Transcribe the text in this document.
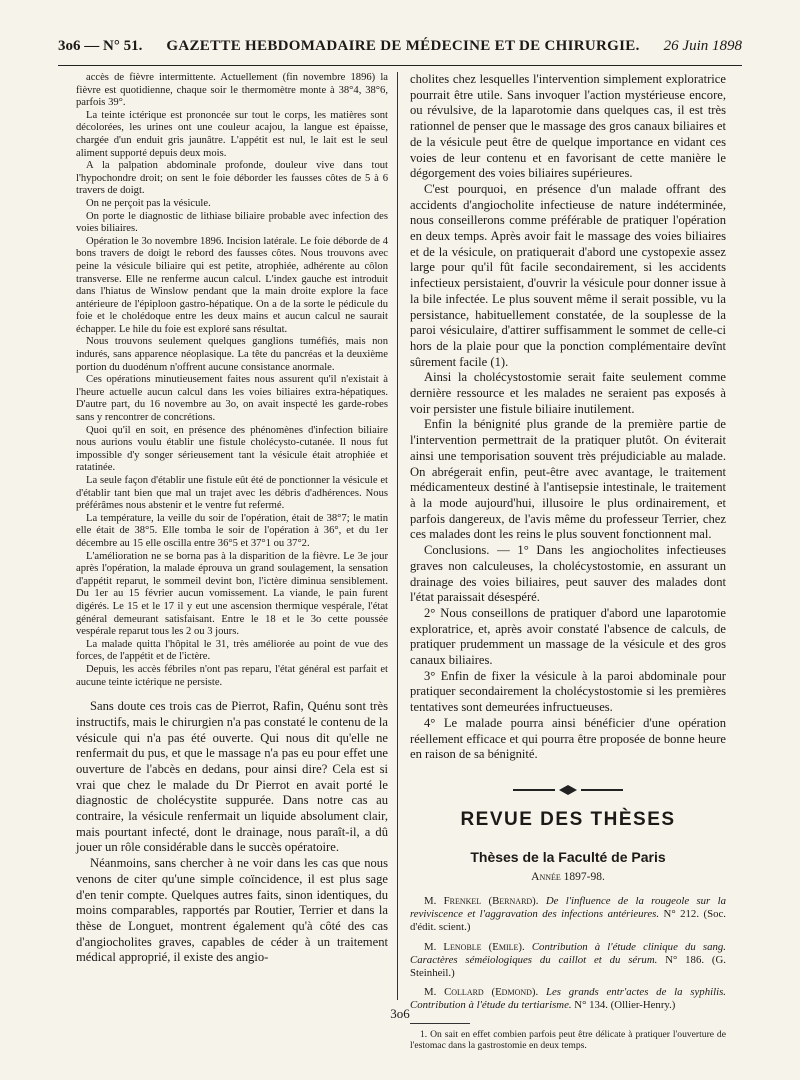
3o6 — N° 51. GAZETTE HEBDOMADAIRE DE MÉDECINE ET DE CHIRURGIE. 26 Juin 1898

accès de fièvre intermittente. Actuellement (fin novembre 1896) la fièvre est quotidienne, chaque soir le thermomètre monte à 38°4, 38°6, parfois 39°.

La teinte ictérique est prononcée sur tout le corps, les matières sont décolorées, les urines ont une couleur acajou, la langue est épaisse, chargée d'un enduit gris jaunâtre. L'appétit est nul, le lait est le seul aliment supporté depuis deux mois.

A la palpation abdominale profonde, douleur vive dans tout l'hypochondre droit; on sent le foie déborder les fausses côtes de 5 à 6 travers de doigt.

On ne perçoit pas la vésicule.

On porte le diagnostic de lithiase biliaire probable avec infection des voies biliaires.

Opération le 3o novembre 1896. Incision latérale. Le foie déborde de 4 bons travers de doigt le rebord des fausses côtes. Nous trouvons avec peine la vésicule biliaire qui est petite, atrophiée, adhérente au côlon transverse. Elle ne renferme aucun calcul. L'index gauche est introduit dans l'hiatus de Winslow pendant que la main droite explore la face antérieure de l'épiploon gastro-hépatique. On a de la sorte le pédicule du foie et le cholédoque entre les deux mains et aucun calcul ne saurait échapper. Le hile du foie est exploré sans résultat.

Nous trouvons seulement quelques ganglions tuméfiés, mais non indurés, sans apparence néoplasique. La tête du pancréas et la deuxième portion du duodénum n'offrent aucune consistance anormale.

Ces opérations minutieusement faites nous assurent qu'il n'existait à l'heure actuelle aucun calcul dans les voies biliaires extra-hépatiques. D'autre part, du 16 novembre au 3o, on avait inspecté les garde-robes sans y rencontrer de concrétions.

Quoi qu'il en soit, en présence des phénomènes d'infection biliaire nous aurions voulu établir une fistule cholécysto-cutanée. Il nous fut impossible d'y songer sérieusement tant la vésicule était atrophiée et ratatinée.

La seule façon d'établir une fistule eût été de ponctionner la vésicule et d'établir tant bien que mal un trajet avec les débris d'adhérences. Nous préférâmes nous abstenir et le ventre fut refermé.

La température, la veille du soir de l'opération, était de 38°7; le matin elle était de 38°5. Elle tomba le soir de l'opération à 36°, et du 1er décembre au 15 elle oscilla entre 36°5 et 37°1 ou 37°2.

L'amélioration ne se borna pas à la disparition de la fièvre. Le 3e jour après l'opération, la malade éprouva un grand soulagement, la sensation d'appétit reparut, le sommeil devint bon, l'ictère diminua sensiblement. Du 1er au 15 février aucun vomissement. La viande, le pain furent digérés. Le 15 et le 17 il y eut une ascension thermique vespérale, l'état général demeurant satisfaisant. Entre le 18 et le 3o cette poussée vespérale reparut tous les 2 ou 3 jours.

La malade quitta l'hôpital le 31, très améliorée au point de vue des forces, de l'appétit et de l'ictère.

Depuis, les accès fébriles n'ont pas reparu, l'état général est parfait et aucune teinte ictérique ne persiste.

Sans doute ces trois cas de Pierrot, Rafin, Quénu sont très instructifs, mais le chirurgien n'a pas constaté le contenu de la vésicule qui n'a pas été ouverte. Qui nous dit qu'elle ne renfermait du pus, et que le massage n'a pas eu pour effet une ouverture de l'abcès en dedans, pour ainsi dire? Cela est si vrai que chez le malade du Dr Pierrot en avait porté le diagnostic de cholécystite suppurée. Dans notre cas au contraire, la vésicule renfermait un liquide absolument clair, mais pourtant infecté, dont le drainage, nous paraît-il, a dû jouer un rôle considérable dans le succès opératoire.

Néanmoins, sans chercher à ne voir dans les cas que nous venons de citer qu'une simple coïncidence, il est plus sage d'en tenir compte. Quelques autres faits, sinon identiques, du moins comparables, rapportés par Routier, Terrier et dans la thèse de Longuet, montrent également qu'à côté des cas d'angiocholites graves, capables de céder à un traitement médical approprié, il existe des angio-

cholites chez lesquelles l'intervention simplement exploratrice pourrait être utile. Sans invoquer l'action mystérieuse encore, ou révulsive, de la laparotomie dans quelques cas, il est très rationnel de penser que le massage des gros canaux biliaires et de la vésicule peut être de quelque importance en vidant ces voies de leur contenu et en favorisant de cette manière le dégorgement des voies biliaires supérieures.

C'est pourquoi, en présence d'un malade offrant des accidents d'angiocholite infectieuse de nature indéterminée, nous conseillerons comme préférable de pratiquer l'opération en deux temps. Après avoir fait le massage des voies biliaires et de la vésicule, on pratiquerait d'abord une cystopexie assez large pour qu'il fût facile secondairement, si les accidents infectieux persistaient, d'ouvrir la vésicule pour donner issue à la bile infectée. Le plus souvent même il serait possible, vu la persistance, habituellement constatée, de la souplesse de la paroi vésiculaire, d'attirer suffisamment le sommet de celle-ci hors de la plaie pour que la ponction complémentaire devînt sûrement facile (1).

Ainsi la cholécystostomie serait faite seulement comme dernière ressource et les malades ne seraient pas exposés à voir persister une fistule biliaire inutilement.

Enfin la bénignité plus grande de la première partie de l'intervention permettrait de la pratiquer plutôt. On éviterait ainsi une temporisation souvent très préjudiciable au malade. On abrégerait enfin, peut-être avec avantage, le traitement médicamenteux destiné à l'antisepsie intestinale, le traitement à la mode aujourd'hui, illusoire le plus ordinairement, et parfois dangereux, de l'avis même du professeur Terrier, chez ces malades dont les reins le plus souvent fonctionnent mal.

Conclusions. — 1° Dans les angiocholites infectieuses graves non calculeuses, la cholécystostomie, en assurant un drainage des voies biliaires, peut sauver des malades dont l'état paraissait désespéré.

2° Nous conseillons de pratiquer d'abord une laparotomie exploratrice, et, après avoir constaté l'absence de calculs, de pratiquer prudemment un massage de la vésicule et des gros canaux biliaires.

3° Enfin de fixer la vésicule à la paroi abdominale pour pratiquer secondairement la cholécystostomie si les premières tentatives sont demeurées infructueuses.

4° Le malade pourra ainsi bénéficier d'une opération réellement efficace et qui pourra être proposée de bonne heure en raison de sa bénignité.

REVUE DES THÈSES
Thèses de la Faculté de Paris
Année 1897-98.
M. Frenkel (Bernard). De l'influence de la rougeole sur la reviviscence et l'aggravation des infections antérieures. N° 212. (Soc. d'édit. scient.)
M. Lenoble (Emile). Contribution à l'étude clinique du sang. Caractères séméiologiques du caillot et du sérum. N° 186. (G. Steinheil.)
M. Collard (Edmond). Les grands entr'actes de la syphilis. Contribution à l'étude du tertiarisme. N° 134. (Ollier-Henry.)

1. On sait en effet combien parfois peut être délicate à pratiquer l'ouverture de l'estomac dans la gastrostomie en deux temps.

3o6
